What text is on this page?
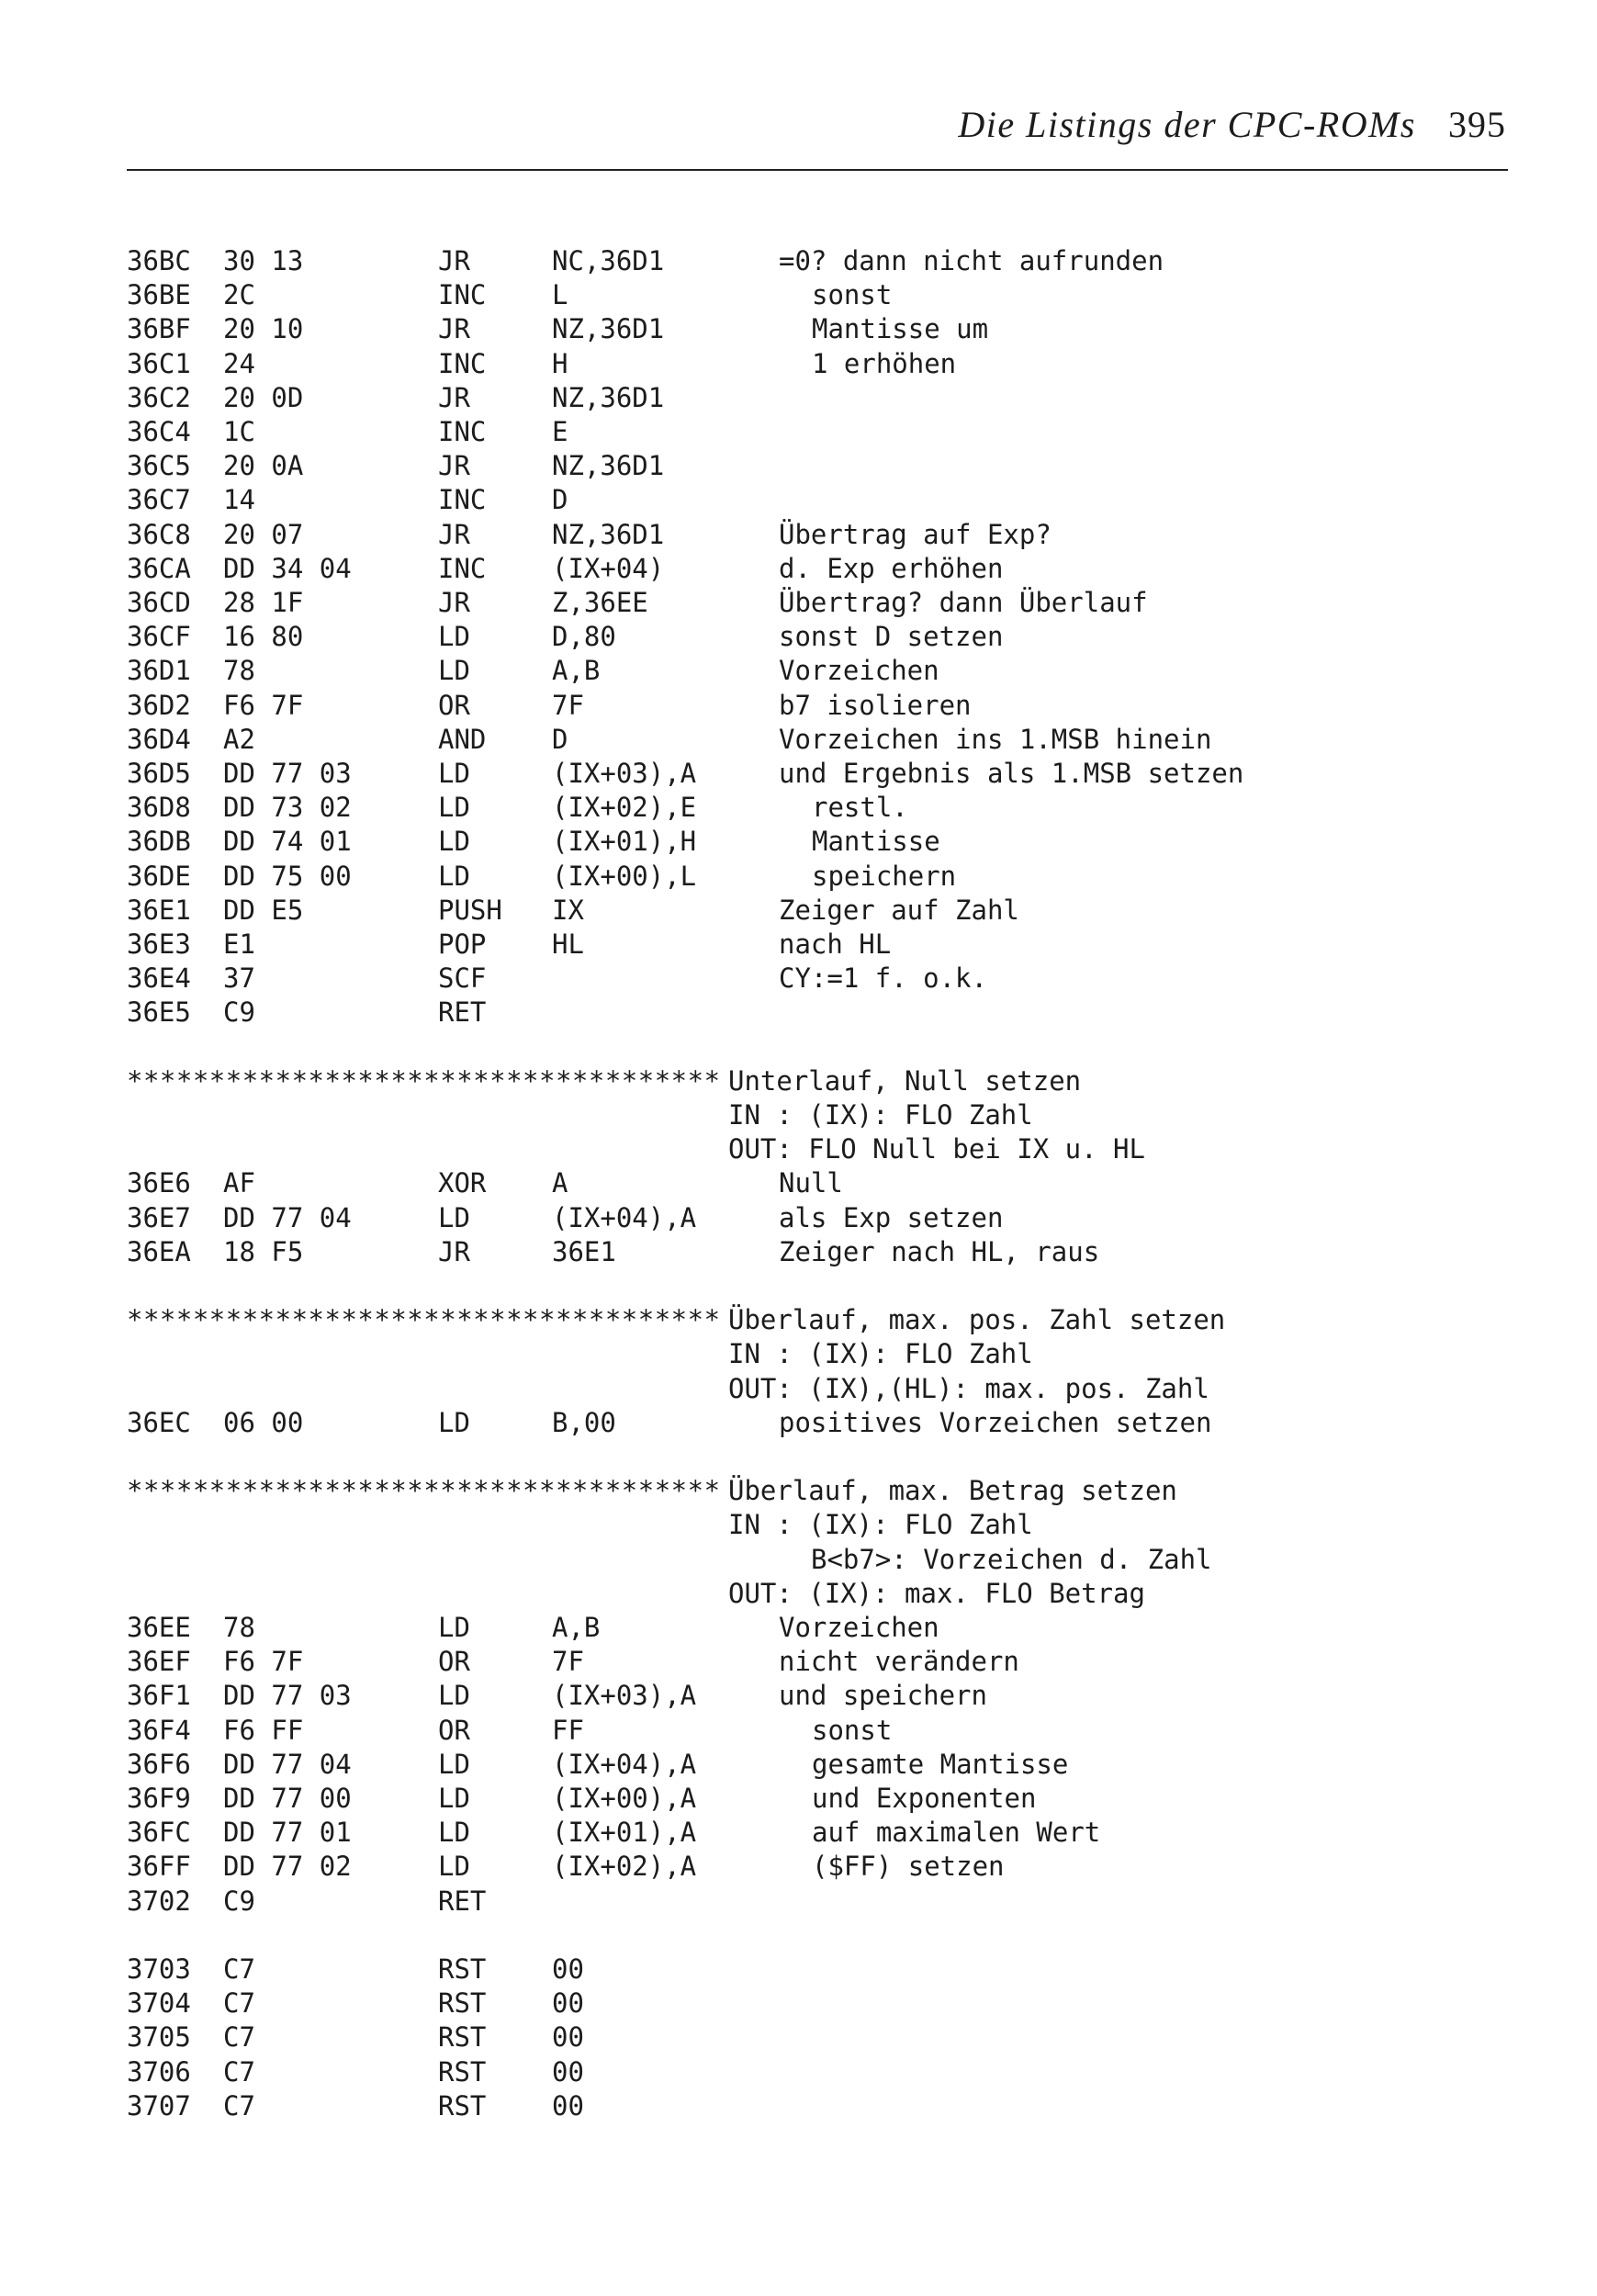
Die Listings der CPC-ROMs 395
36BC 30 13	JR	NC,36D1	=0? dann nicht aufrunden
36BE 2C	INC L	sonst
36BF 20 10	JR	NZ,36D1	Mantisse um
36C1 24	INC H	1 erhöhen
36C2 20 0D	JR	NZ,36D1
36C4 1C	INC E
36C5 20 0A	JR	NZ,36D1
36C7 14	INC D
36C8 20 07	JR	NZ,36D1	Übertrag auf Exp?
36CA DD 34 04	INC (IX+04)	d. Exp erhöhen
36CD 28 1F	JR	Z,36EE	Übertrag? dann Überlauf
36CF 16 80	LD	D,80	sonst D setzen
36D1 78	LD	A,B	Vorzeichen
36D2 F6 7F	OR	7F	b7 isolieren
36D4 A2	AND D	Vorzeichen ins 1.MSB hinein
36D5 DD 77 03	LD	(IX+03),A	und Ergebnis als 1.MSB setzen
36D8 DD 73 02	LD	(IX+02),E	restl.
36DB DD 74 01	LD	(IX+01),H	Mantisse
36DE DD 75 00	LD	(IX+00),L	speichern
36E1 DD E5	PUSH IX	Zeiger auf Zahl
36E3 E1	POP HL	nach HL
36E4 37	SCF	CY:=1 f. o.k.
36E5 C9	RET
************************************ Unterlauf, Null setzen
IN : (IX): FLO Zahl
OUT: FLO Null bei IX u. HL
36E6 AF	XOR A	Null
36E7 DD 77 04	LD	(IX+04),A	als Exp setzen
36EA 18 F5	JR	36E1	Zeiger nach HL, raus
************************************ Überlauf, max. pos. Zahl setzen
IN : (IX): FLO Zahl
OUT: (IX),(HL): max. pos. Zahl
36EC 06 00	LD	B,00	positives Vorzeichen setzen
************************************ Überlauf, max. Betrag setzen
IN : (IX): FLO Zahl
B<b7>: Vorzeichen d. Zahl
OUT: (IX): max. FLO Betrag
36EE 78	LD	A,B	Vorzeichen
36EF F6 7F	OR	7F	nicht verändern
36F1 DD 77 03	LD	(IX+03),A	und speichern
36F4 F6 FF	OR	FF	sonst
36F6 DD 77 04	LD	(IX+04),A	gesamte Mantisse
36F9 DD 77 00	LD	(IX+00),A	und Exponenten
36FC DD 77 01	LD	(IX+01),A	auf maximalen Wert
36FF DD 77 02	LD	(IX+02),A	($FF) setzen
3702 C9	RET
3703 C7	RST 00
3704 C7	RST 00
3705 C7	RST 00
3706 C7	RST 00
3707 C7	RST 00
